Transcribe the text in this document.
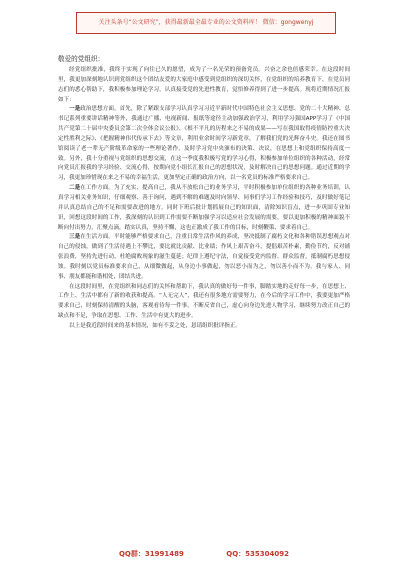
关注头条号“公文研究”，获得最新最全最专业的公文资料库！ 微信：gongwenyj
敬爱的党组织：

经党组织批准，我终于实现了向往已久的愿望，成为了一名光荣的预备党员。兴奋之余也倍感荣幸。在这段时间里，我更加深刻地认识到党组织这个团结友爱的大家庭中感受到党组织的深切关怀，在党组织的培养教育下，在党员同志们的悉心帮助下，我积极参加理论学习，认真接受党的先进性教育，觉悟修养得到了进一步提高。现将近期情况汇报如下：

一是政治思想方面。首先，除了紧跟支部学习认真学习习近平新时代中国特色社会主义思想、党的二十大精神、总书记系列重要讲话精神等外，我通过广播、电视新闻、报纸等途径主动加强政治学习，利用学习强国APP学习了《中国共产党第二十届中央委员会第二次全体会议公报》、《根不平凡的历程来之不易的成果——写在我国取得疫情防控重大决定性胜利之际》、《把握精神伟代传承下去》等文章，利用业余时间学习新党章，了解我们党的光辉奋斗史。我还在图书馆阅读了老一辈无产阶级革命家的一些理论著作，及时学习党中央颁布的决策、决议，在思想上和党组织保持高度一致。另外，我十分重视与党组织的思想交流，在这一季度我积极写党的学习心得，积极参加单位组织的各种活动，经常向党员汇报我的学习经验、交流心得，按期向党小组长汇报自己的思想状况，及时解决自己的思想问题。通过近期的学习，我更加珍惜现在来之不易的幸福生活，更加坚定正确的政治方向，以一名党员的标准严格要求自己。

二是在工作方面。为了充实、提高自己，我从不放松自己的业务学习，平时积极参加单位组织的各种业务培训，认真学习相关业务知识，仔细观察、善于询问，遇到不解的难题及时向领导、同事们学习工作经验和技巧，及时做好笔记并认真总结自己的不足和需要改进的地方。同时下班后批计划抓展自己的知识面，清除知识盲点，进一步巩固专业知识，回想这段时间的工作，我深刻的认识到工作需要不断加强学习以适应社会发展的需要，要以更加积极的精神面貌不断向付出努力，汇聚点滴，踏实认真，坚持不懈，这也正激成了我工作的目标，时刻鞭策、要求着自己。

三是在生活方面。平时能够严格要求自己，注重日常生活作风的养成，坚决抵制了腐朽文化和各种错误思想观点对自己的侵蚀，做到了生活待遇上不攀比，要比就比贡献、比业绩；作风上艰苦奋斗，提倡艰苦朴素，勤俭节约，反对铺张浪费，坚持先进行动，杜绝腐败现象的滋生蔓延；纪律上遵纪守法，自觉接受党内监督、群众监督，抵制腐朽思想侵蚀。我时刻以党员标准要求自己，从细微做起，从身边小事做起，勿以恶小而为之，勿以善小而不为。我与家人、同事、朋友都能和谐相处，团结共进。

在这段时间里，在党组织和同志们的关怀和帮助下，我认真的做好每一件事，脚踏实地的走好每一步，在思想上、工作上、生活中都有了新的收获和提高。“人无完人”，我还有很多地方需要努力，在今后的学习工作中，我要更加严格要求自己，时刻保持清醒的头脑，客观看待每一件事，不断反省自己，虚心向身边先进人物学习，继续努力改正自己的缺点和不足，争取在思想、工作、生活中有更大的进步。

以上是我近段时间来的基本情况，如有不妥之处，恳请组织批评指正。

QQ群：31991489	QQ：535304092
